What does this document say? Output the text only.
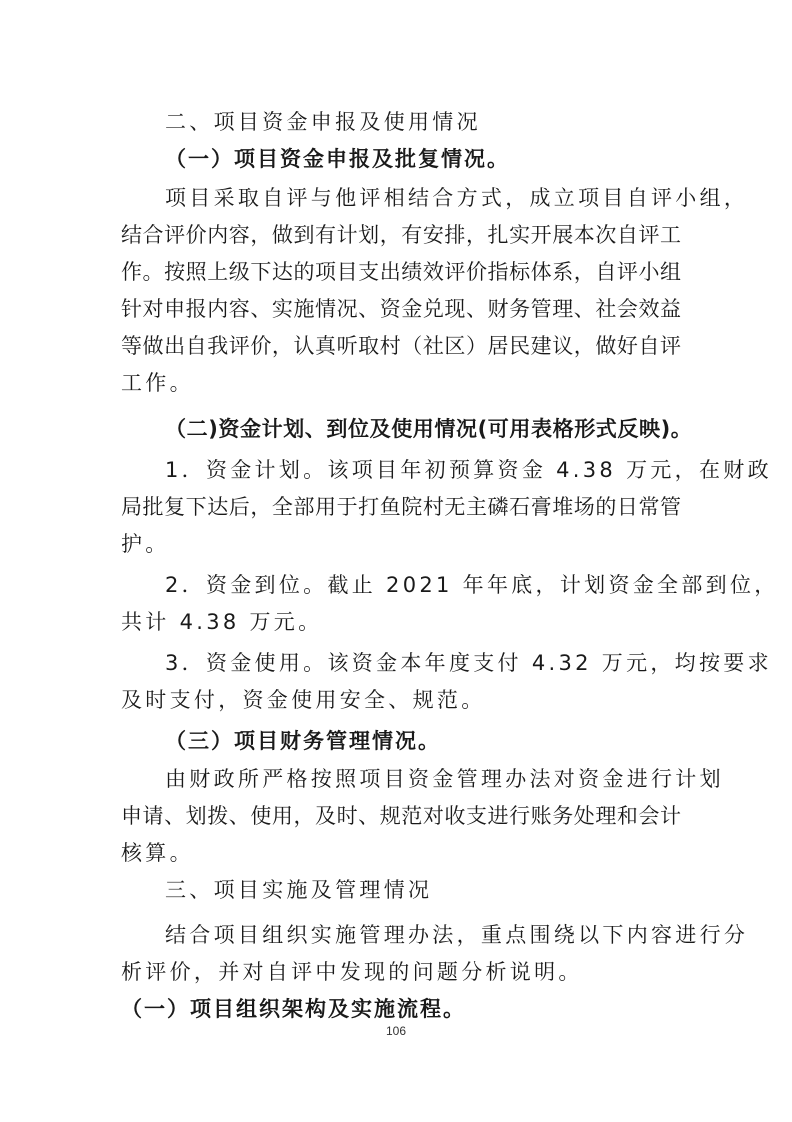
二、项目资金申报及使用情况
（一）项目资金申报及批复情况。
项目采取自评与他评相结合方式，成立项目自评小组，
结合评价内容，做到有计划，有安排，扎实开展本次自评工
作。按照上级下达的项目支出绩效评价指标体系，自评小组
针对申报内容、实施情况、资金兑现、财务管理、社会效益
等做出自我评价，认真听取村（社区）居民建议，做好自评
工作。
（二)资金计划、到位及使用情况(可用表格形式反映)。
1．资金计划。该项目年初预算资金 4.38 万元，在财政
局批复下达后，全部用于打鱼院村无主磷石膏堆场的日常管
护。
2．资金到位。截止 2021 年年底，计划资金全部到位，
共计 4.38 万元。
3．资金使用。该资金本年度支付 4.32 万元，均按要求
及时支付，资金使用安全、规范。
（三）项目财务管理情况。
由财政所严格按照项目资金管理办法对资金进行计划
申请、划拨、使用，及时、规范对收支进行账务处理和会计
核算。
三、项目实施及管理情况
结合项目组织实施管理办法，重点围绕以下内容进行分
析评价，并对自评中发现的问题分析说明。
（一）项目组织架构及实施流程。
106
